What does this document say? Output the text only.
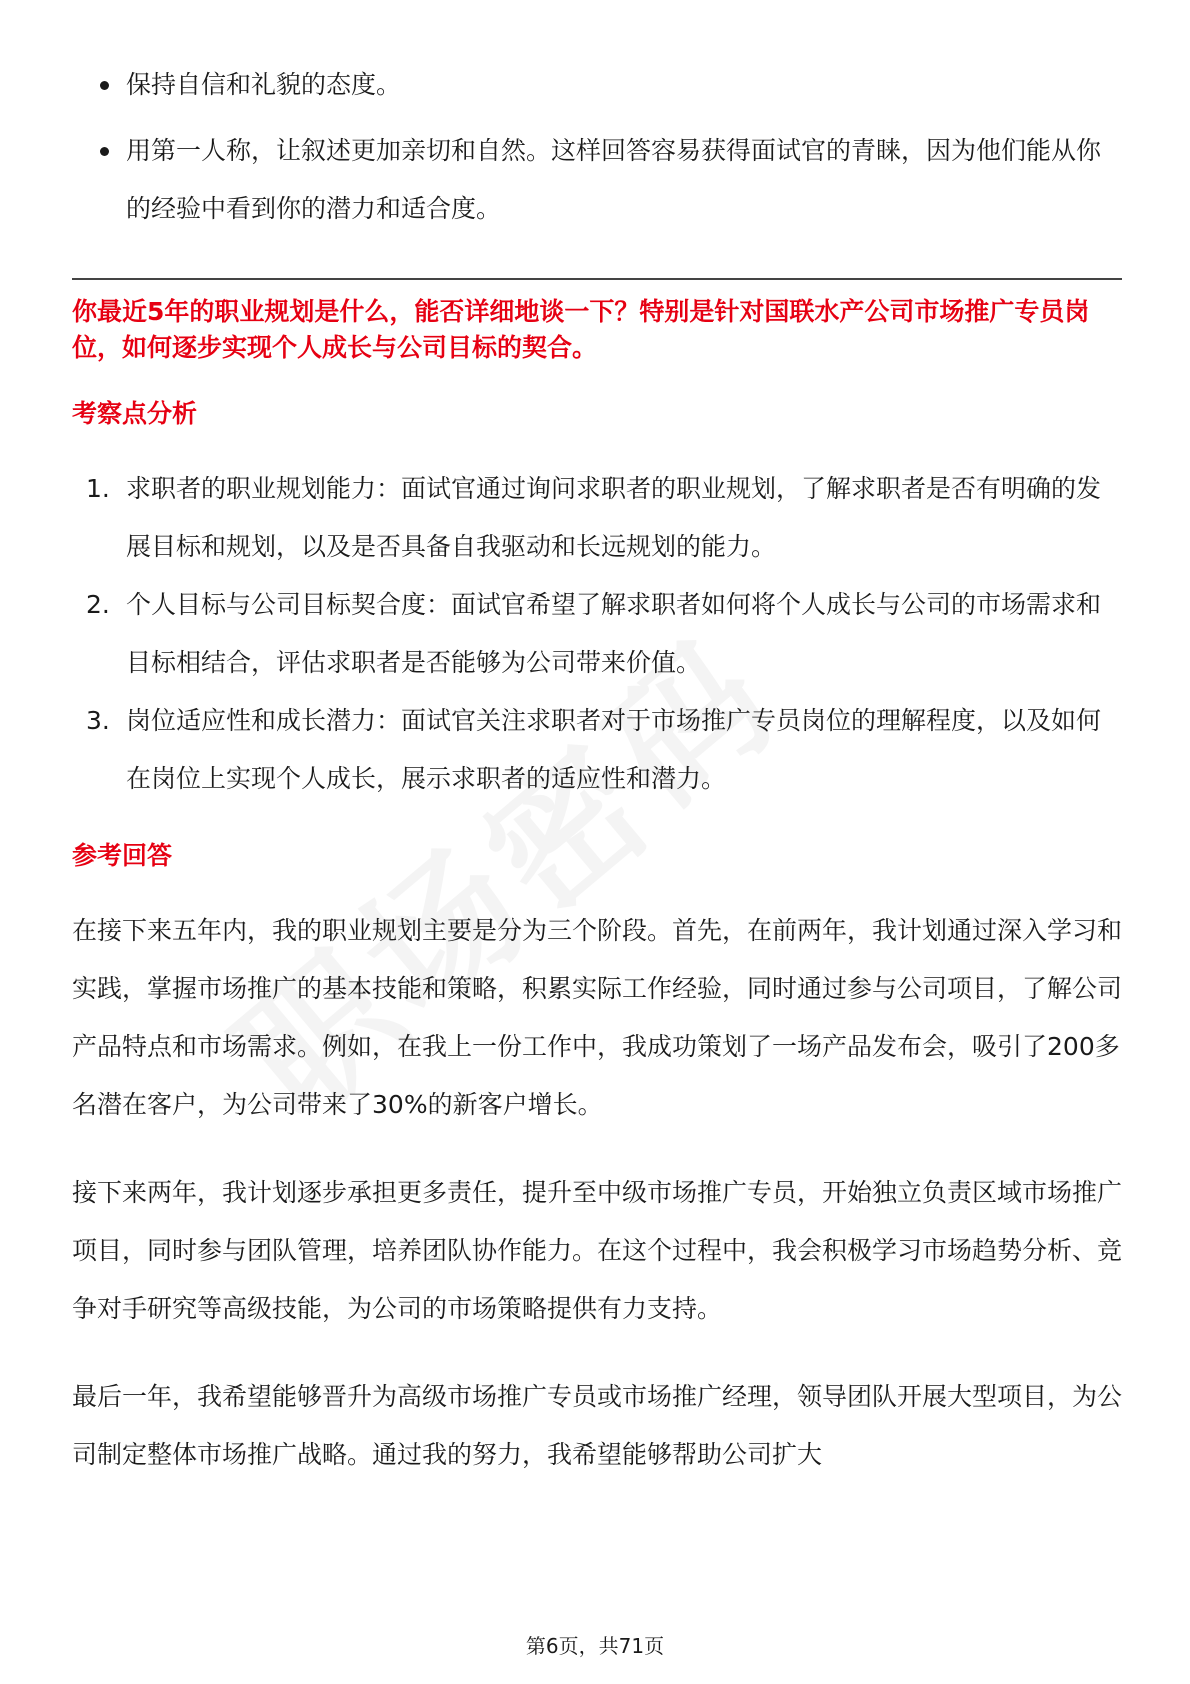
保持自信和礼貌的态度。
用第一人称，让叙述更加亲切和自然。这样回答容易获得面试官的青睐，因为他们能从你的经验中看到你的潜力和适合度。
你最近5年的职业规划是什么，能否详细地谈一下？特别是针对国联水产公司市场推广专员岗位，如何逐步实现个人成长与公司目标的契合。
考察点分析
1. 求职者的职业规划能力：面试官通过询问求职者的职业规划，了解求职者是否有明确的发展目标和规划，以及是否具备自我驱动和长远规划的能力。
2. 个人目标与公司目标契合度：面试官希望了解求职者如何将个人成长与公司的市场需求和目标相结合，评估求职者是否能够为公司带来价值。
3. 岗位适应性和成长潜力：面试官关注求职者对于市场推广专员岗位的理解程度，以及如何在岗位上实现个人成长，展示求职者的适应性和潜力。
参考回答

在接下来五年内，我的职业规划主要是分为三个阶段。首先，在前两年，我计划通过深入学习和实践，掌握市场推广的基本技能和策略，积累实际工作经验，同时通过参与公司项目，了解公司产品特点和市场需求。例如，在我上一份工作中，我成功策划了一场产品发布会，吸引了200多名潜在客户，为公司带来了30%的新客户增长。

接下来两年，我计划逐步承担更多责任，提升至中级市场推广专员，开始独立负责区域市场推广项目，同时参与团队管理，培养团队协作能力。在这个过程中，我会积极学习市场趋势分析、竞争对手研究等高级技能，为公司的市场策略提供有力支持。

最后一年，我希望能够晋升为高级市场推广专员或市场推广经理，领导团队开展大型项目，为公司制定整体市场推广战略。通过我的努力，我希望能够帮助公司扩大

第6页，共71页
